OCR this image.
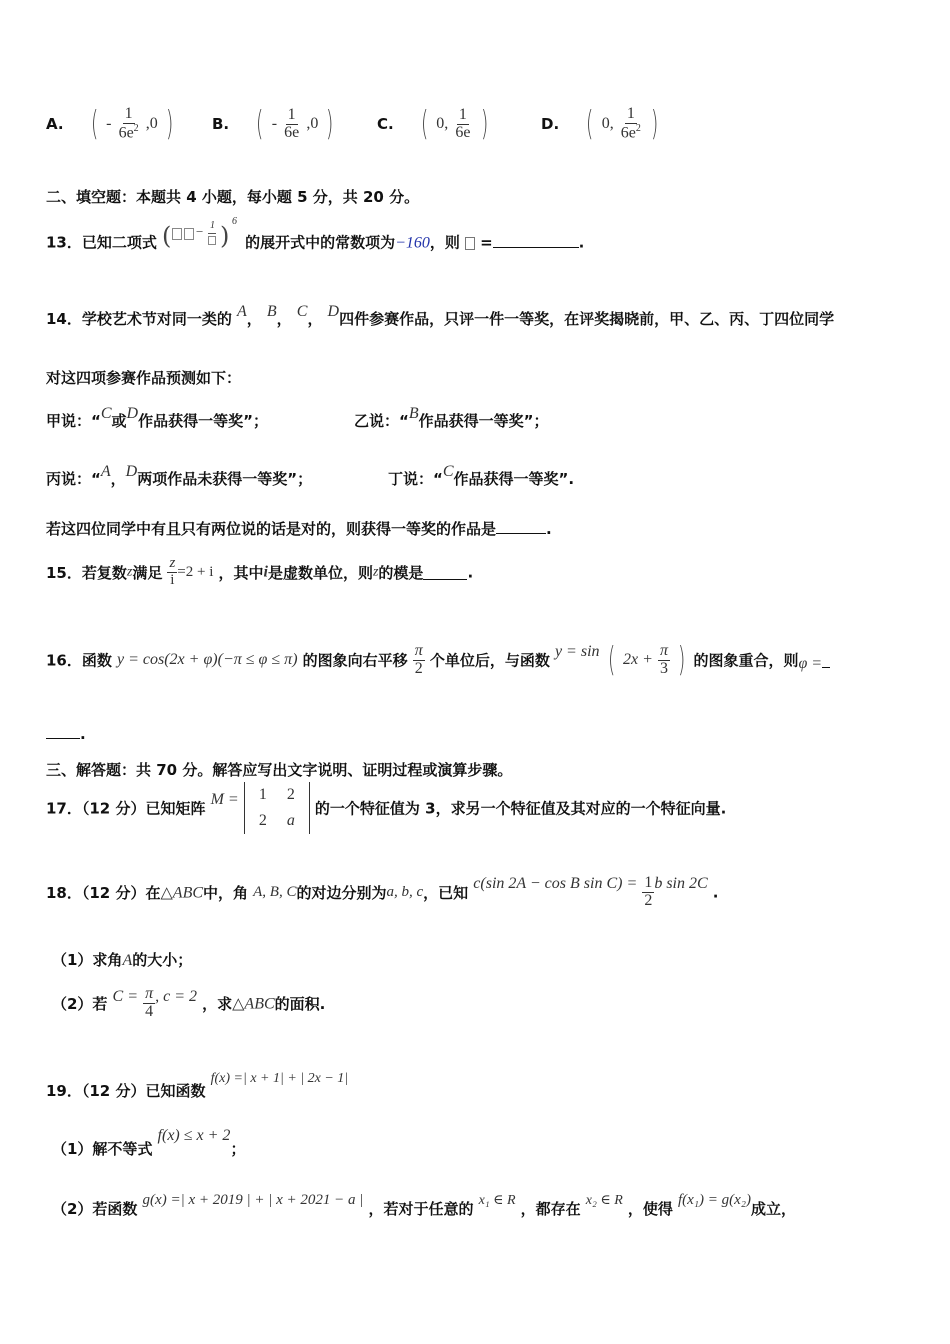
A. ( - $\frac{1}{6e^2} ,0$ )	B. ( - $\frac{1}{6e} ,0$ )	C. ( 0, $\frac{1}{6e}$ )	D. ( 0, $\frac{1}{6e^2}$ )
二、填空题：本题共 4 小题，每小题 5 分，共 20 分。
13．已知二项式 ( − 1 )
6
的展开式中的常数项为−160，则 =	.
14．学校艺术节对同一类的 A， B， C， D四件参赛作品，只评一件一等奖，在评奖揭晓前，甲、乙、丙、丁四位同学
对这四项参赛作品预测如下：
甲说：“C或D作品获得一等奖”；	乙说：“B作品获得一等奖”；
丙说：“A，D两项作品未获得一等奖”；	丁说：“C作品获得一等奖”.
若这四位同学中有且只有两位说的话是对的，则获得一等奖的作品是	.
15．若复数z满足 $\frac{z}{i} =2 + i$ ，其中i是虚数单位，则z的模是	.
16．函数 y = cos(2x + φ)(−π ≤ φ ≤ π) 的图象向右平移 $\frac{\pi}{2}$ 个单位后，与函数 y = sin ( $2x + \frac{\pi}{3}$ ) 的图象重合，则φ =
.
三、解答题：共 70 分。解答应写出文字说明、证明过程或演算步骤。
17．（12 分）已知矩阵 M =	1	2
2	a
的一个特征值为 3，求另一个特征值及其对应的一个特征向量.
18．（12 分）在△ABC中，角 A, B, C的对边分别为a, b, c，已知 c(sin 2A − cos B $\sin C) = \frac{1}{2}$ b sin 2C .
（1）求角A的大小；
（2）若 $C = \frac{\pi}{4}$ , c = 2 ，求△ABC的面积.
19．（12 分）已知函数 f(x) =| x + 1| + | 2x − 1|
（1）解不等式 f(x) ≤ x + 2；
（2）若函数 g(x) =| x + 2019 | + | x + 2021 − a | ，若对于任意的 x₁ ∈ R ，都存在 x₂ ∈ R ，使得 f(x₁) = g(x₂)成立，
